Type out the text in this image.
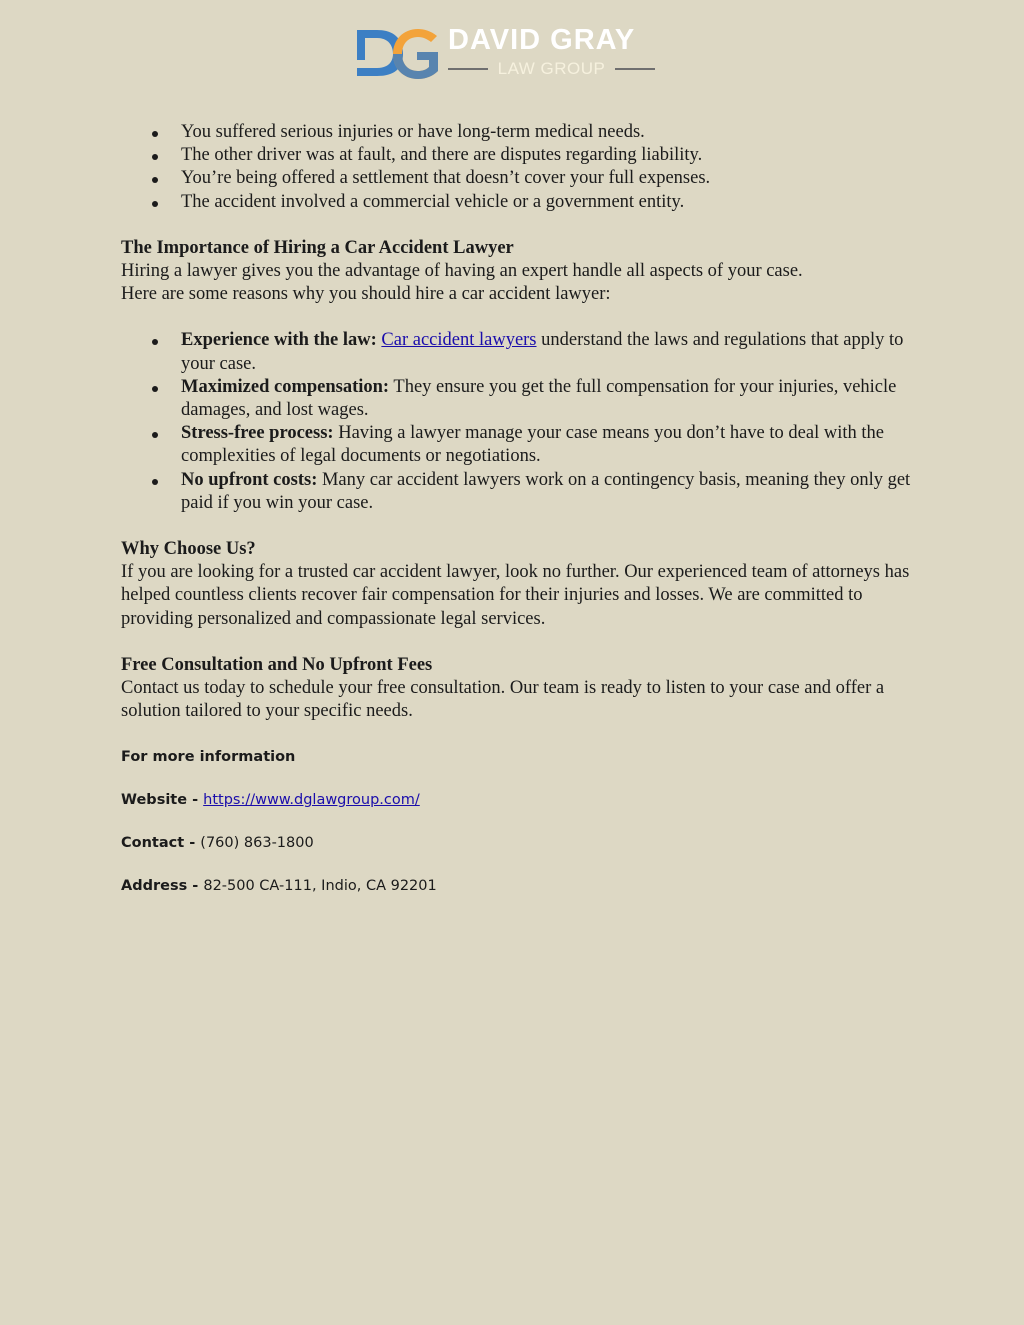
DAVID GRAY
LAW GROUP
You suffered serious injuries or have long-term medical needs.
The other driver was at fault, and there are disputes regarding liability.
You’re being offered a settlement that doesn’t cover your full expenses.
The accident involved a commercial vehicle or a government entity.
The Importance of Hiring a Car Accident Lawyer

Hiring a lawyer gives you the advantage of having an expert handle all aspects of your case.
Here are some reasons why you should hire a car accident lawyer:

Experience with the law: Car accident lawyers understand the laws and regulations that apply to your case.
Maximized compensation: They ensure you get the full compensation for your injuries, vehicle damages, and lost wages.
Stress-free process: Having a lawyer manage your case means you don’t have to deal with the complexities of legal documents or negotiations.
No upfront costs: Many car accident lawyers work on a contingency basis, meaning they only get paid if you win your case.
Why Choose Us?

If you are looking for a trusted car accident lawyer, look no further. Our experienced team of attorneys has helped countless clients recover fair compensation for their injuries and losses. We are committed to providing personalized and compassionate legal services.

Free Consultation and No Upfront Fees

Contact us today to schedule your free consultation. Our team is ready to listen to your case and offer a solution tailored to your specific needs.

For more information
Website - https://www.dglawgroup.com/
Contact - (760) 863-1800
Address - 82-500 CA-111, Indio, CA 92201
